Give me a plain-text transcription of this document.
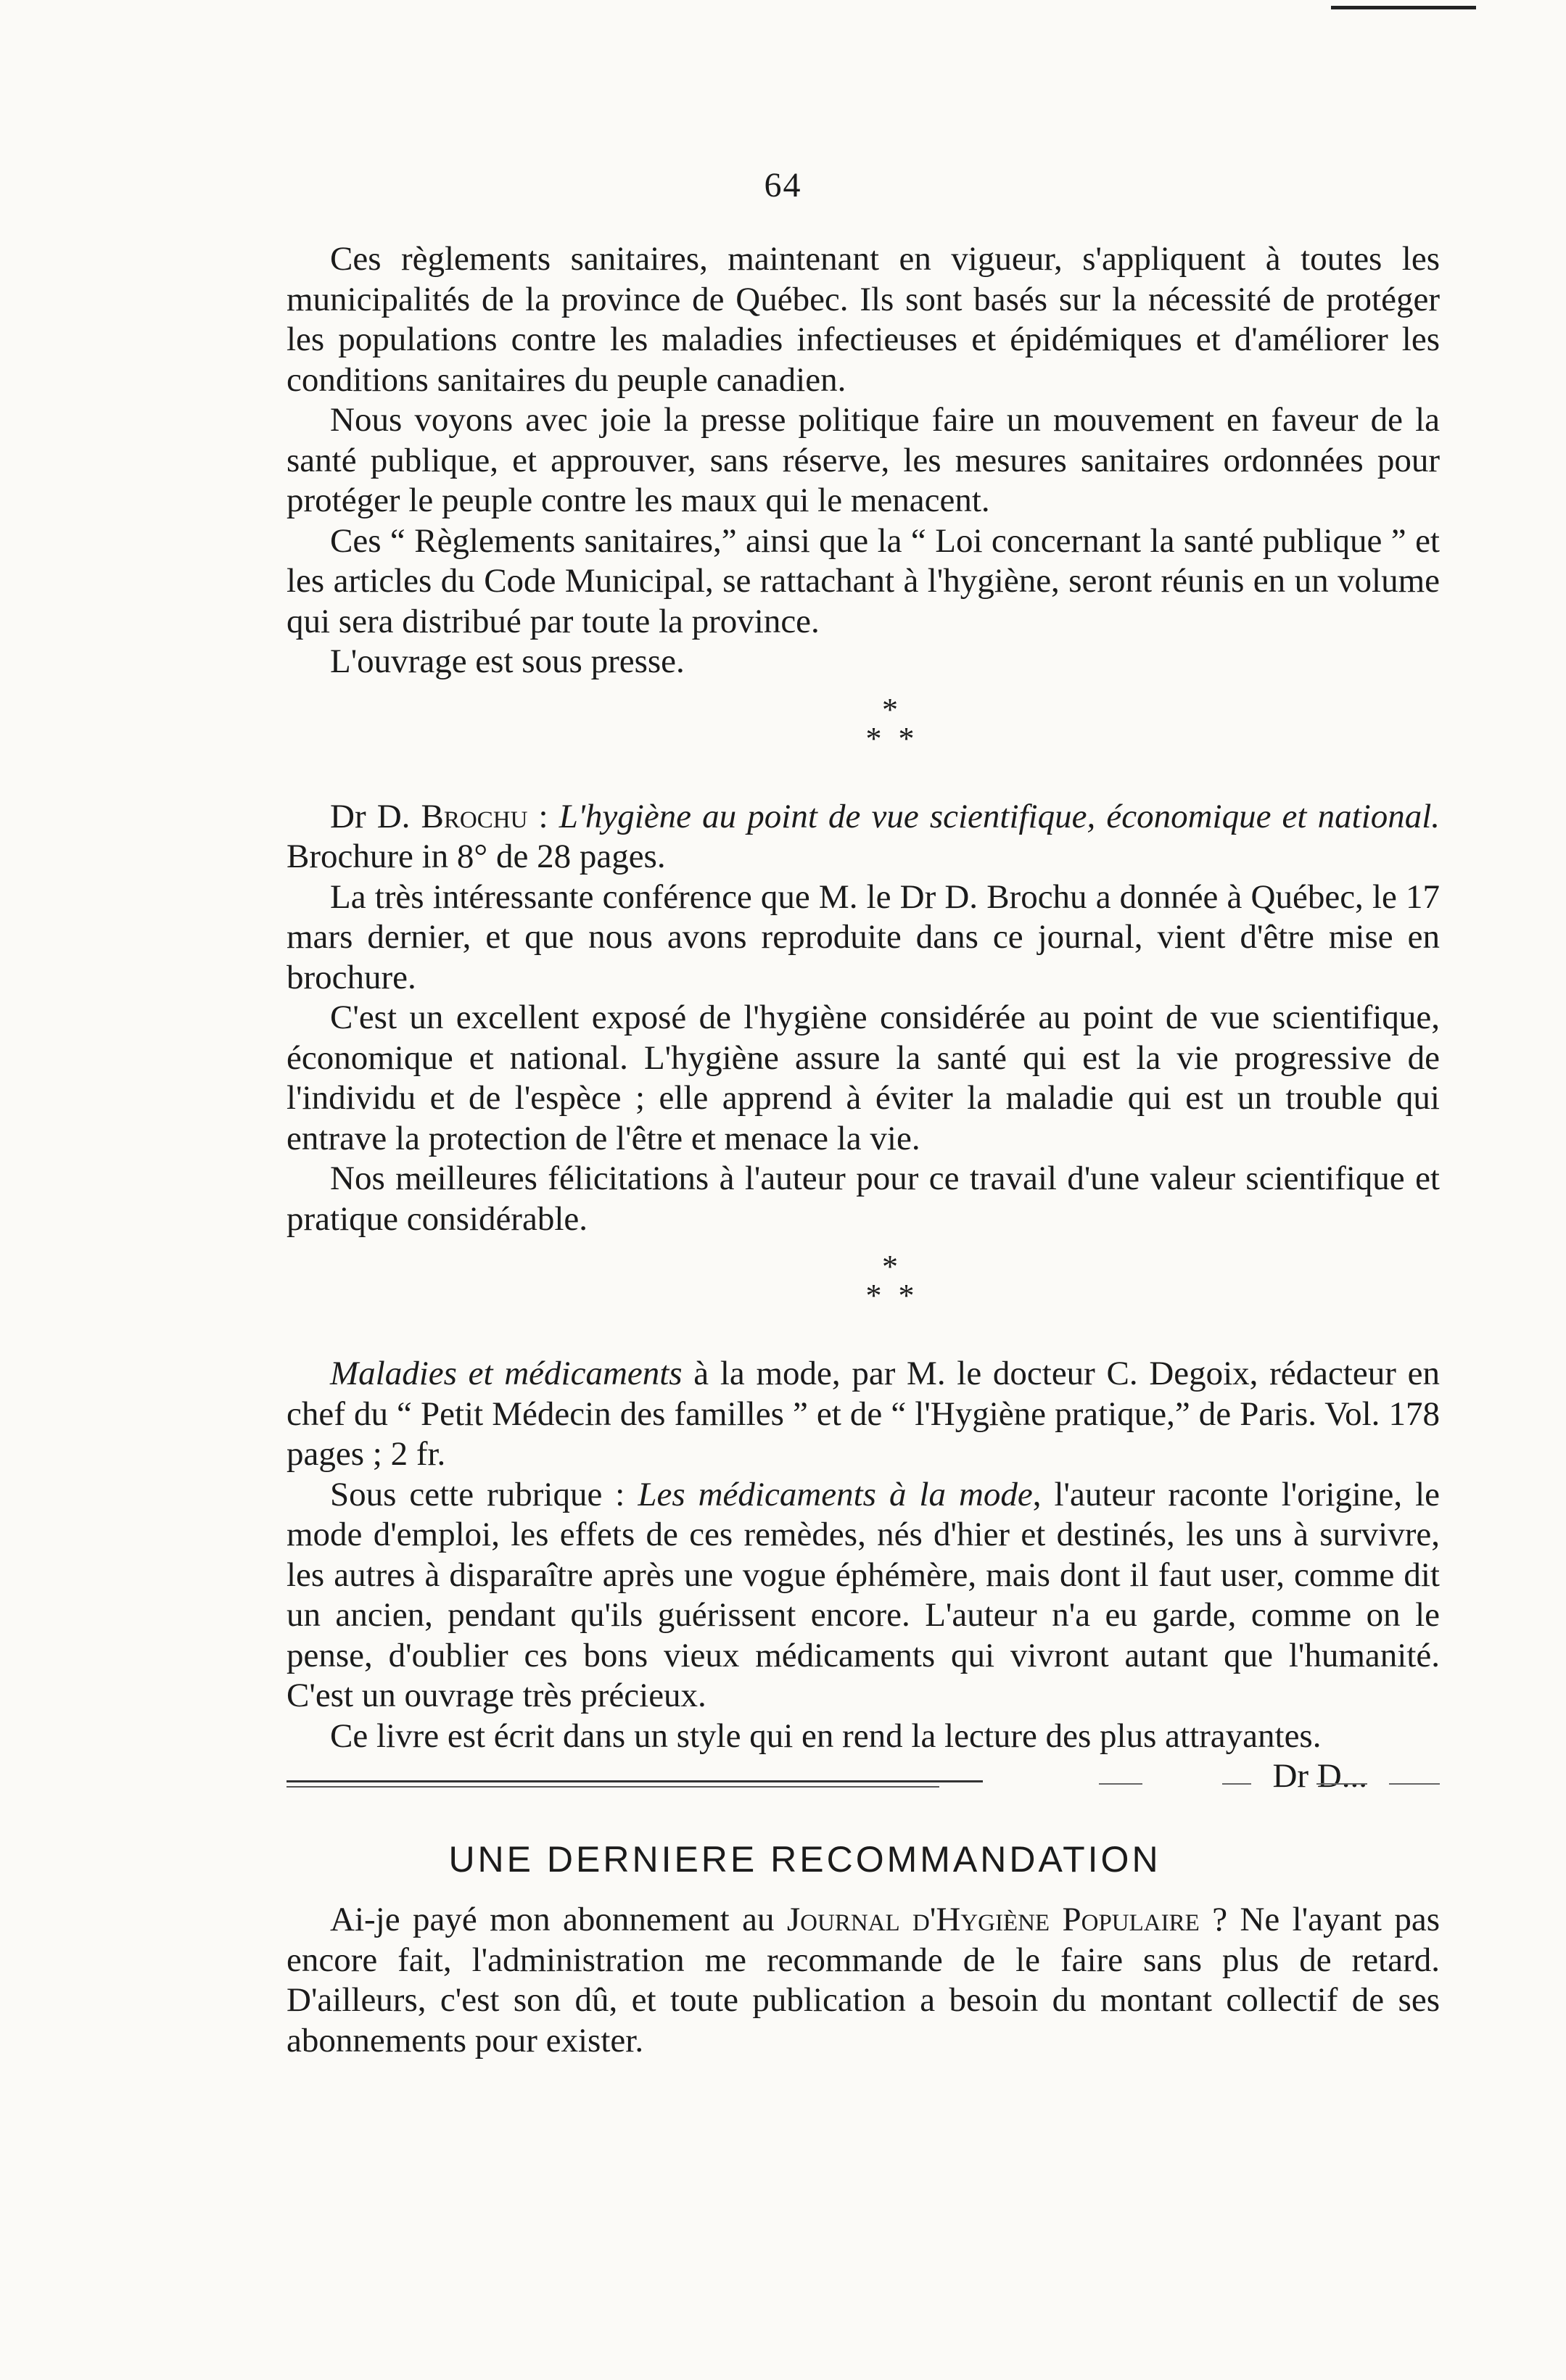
64

Ces règlements sanitaires, maintenant en vigueur, s'appliquent à toutes les municipalités de la province de Québec. Ils sont basés sur la nécessité de protéger les populations contre les maladies infectieuses et épidémiques et d'améliorer les conditions sanitaires du peuple canadien.

Nous voyons avec joie la presse politique faire un mouvement en faveur de la santé publique, et approuver, sans réserve, les mesures sanitaires ordonnées pour protéger le peuple contre les maux qui le menacent.

Ces “ Règlements sanitaires,” ainsi que la “ Loi concernant la santé publique ” et les articles du Code Municipal, se rattachant à l'hygiène, seront réunis en un volume qui sera distribué par toute la province.

L'ouvrage est sous presse.

*
* *

Dr D. Brochu : L'hygiène au point de vue scientifique, économique et national. Brochure in 8° de 28 pages.

La très intéressante conférence que M. le Dr D. Brochu a donnée à Québec, le 17 mars dernier, et que nous avons reproduite dans ce journal, vient d'être mise en brochure.

C'est un excellent exposé de l'hygiène considérée au point de vue scientifique, économique et national. L'hygiène assure la santé qui est la vie progressive de l'individu et de l'espèce ; elle apprend à éviter la maladie qui est un trouble qui entrave la protection de l'être et menace la vie.

Nos meilleures félicitations à l'auteur pour ce travail d'une valeur scientifique et pratique considérable.

*
* *

Maladies et médicaments à la mode, par M. le docteur C. Degoix, rédacteur en chef du “ Petit Médecin des familles ” et de “ l'Hygiène pratique,” de Paris. Vol. 178 pages ; 2 fr.

Sous cette rubrique : Les médicaments à la mode, l'auteur raconte l'origine, le mode d'emploi, les effets de ces remèdes, nés d'hier et destinés, les uns à survivre, les autres à disparaître après une vogue éphémère, mais dont il faut user, comme dit un ancien, pendant qu'ils guérissent encore. L'auteur n'a eu garde, comme on le pense, d'oublier ces bons vieux médicaments qui vivront autant que l'humanité. C'est un ouvrage très précieux.

Ce livre est écrit dans un style qui en rend la lecture des plus attrayantes.
Dr D...

UNE DERNIERE RECOMMANDATION

Ai-je payé mon abonnement au Journal d'Hygiène Populaire ? Ne l'ayant pas encore fait, l'administration me recommande de le faire sans plus de retard. D'ailleurs, c'est son dû, et toute publication a besoin du montant collectif de ses abonnements pour exister.
